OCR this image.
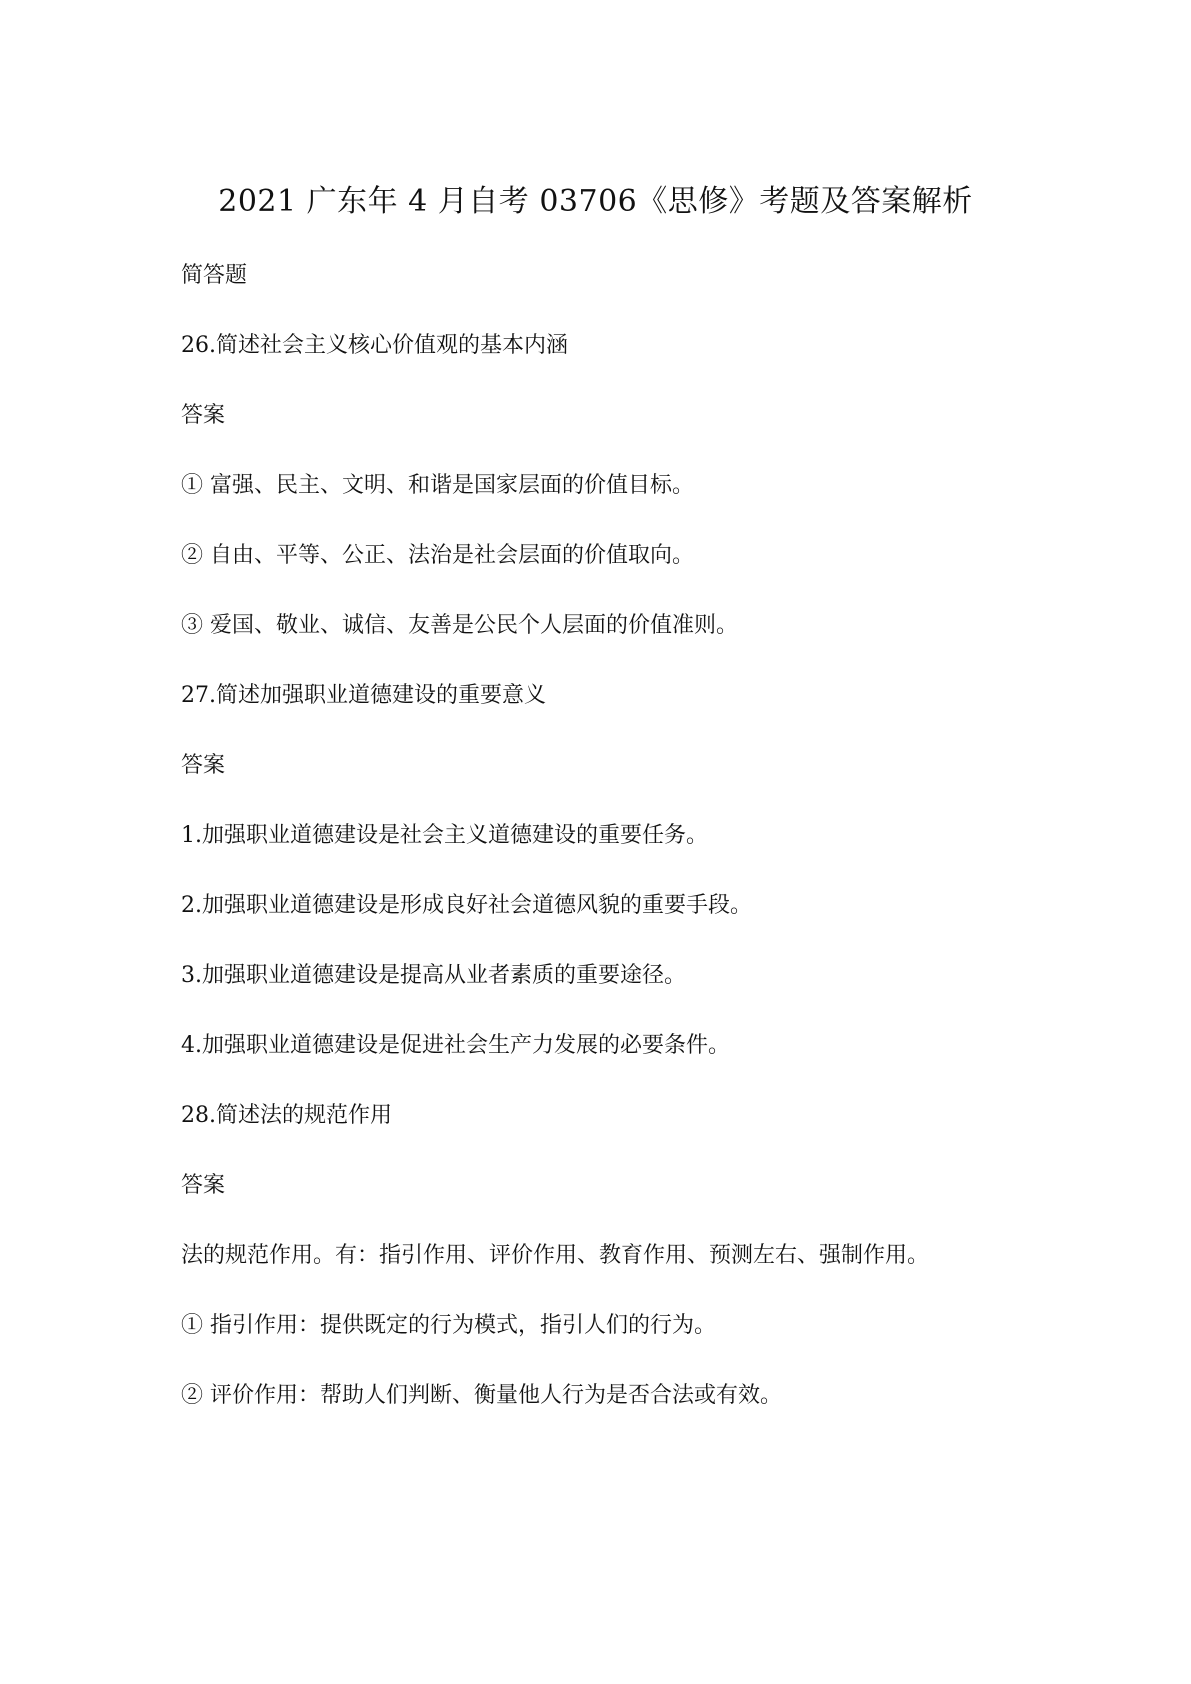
2021 广东年 4 月自考 03706《思修》考题及答案解析
简答题
26.简述社会主义核心价值观的基本内涵
答案
① 富强、民主、文明、和谐是国家层面的价值目标。
② 自由、平等、公正、法治是社会层面的价值取向。
③ 爱国、敬业、诚信、友善是公民个人层面的价值准则。
27.简述加强职业道德建设的重要意义
答案
1.加强职业道德建设是社会主义道德建设的重要任务。
2.加强职业道德建设是形成良好社会道德风貌的重要手段。
3.加强职业道德建设是提高从业者素质的重要途径。
4.加强职业道德建设是促进社会生产力发展的必要条件。
28.简述法的规范作用
答案
法的规范作用。有：指引作用、评价作用、教育作用、预测左右、强制作用。
① 指引作用：提供既定的行为模式，指引人们的行为。
② 评价作用：帮助人们判断、衡量他人行为是否合法或有效。
